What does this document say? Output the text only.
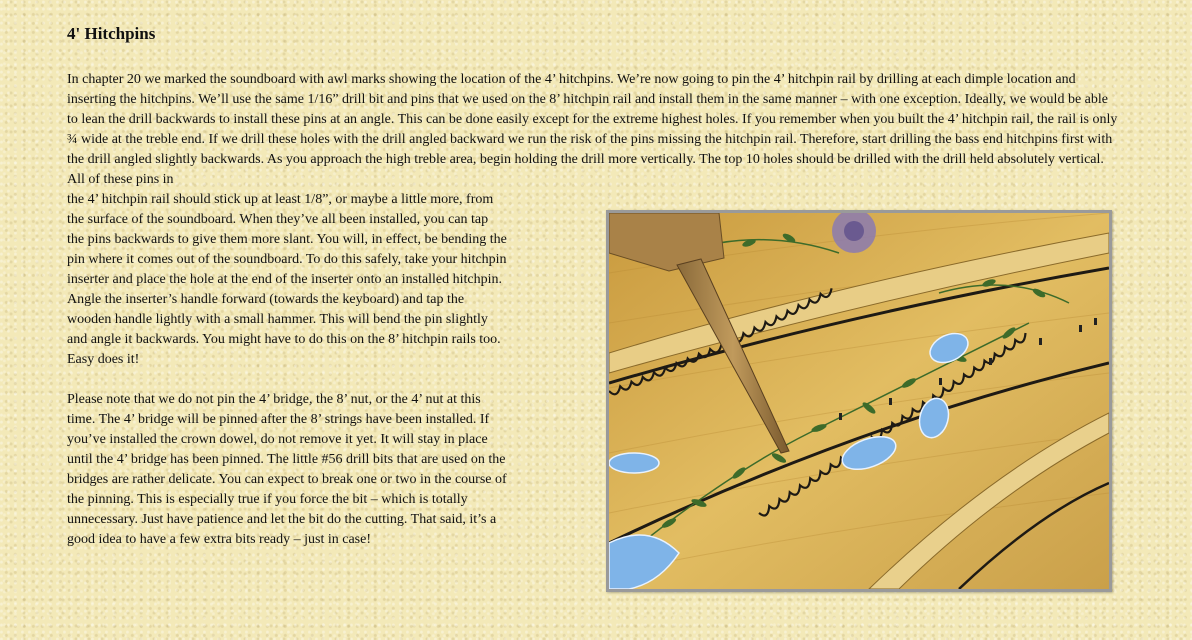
4' Hitchpins

In chapter 20 we marked the soundboard with awl marks showing the location of the 4’ hitchpins. We’re now going to pin the 4’ hitchpin rail by drilling at each dimple location and inserting the hitchpins. We’ll use the same 1/16” drill bit and pins that we used on the 8’ hitchpin rail and install them in the same manner – with one exception. Ideally, we would be able to lean the drill backwards to install these pins at an angle. This can be done easily except for the extreme highest holes. If you remember when you built the 4’ hitchpin rail, the rail is only ¾ wide at the treble end. If we drill these holes with the drill angled backward we run the risk of the pins missing the hitchpin rail. Therefore, start drilling the bass end hitchpins first with the drill angled slightly backwards. As you approach the high treble area, begin holding the drill more vertically. The top 10 holes should be drilled with the drill held absolutely vertical. All of these pins in

the 4’ hitchpin rail should stick up at least 1/8”, or maybe a little more, from the surface of the soundboard. When they’ve all been installed, you can tap the pins backwards to give them more slant. You will, in effect, be bending the pin where it comes out of the soundboard. To do this safely, take your hitchpin inserter and place the hole at the end of the inserter onto an installed hitchpin. Angle the inserter’s handle forward (towards the keyboard) and tap the wooden handle lightly with a small hammer. This will bend the pin slightly and angle it backwards. You might have to do this on the 8’ hitchpin rails too. Easy does it!

Please note that we do not pin the 4’ bridge, the 8’ nut, or the 4’ nut at this time. The 4’ bridge will be pinned after the 8’ strings have been installed. If you’ve installed the crown dowel, do not remove it yet. It will stay in place until the 4’ bridge has been pinned. The little #56 drill bits that are used on the bridges are rather delicate. You can expect to break one or two in the course of the pinning. This is especially true if you force the bit – which is totally unnecessary. Just have patience and let the bit do the cutting. That said, it’s a good idea to have a few extra bits ready – just in case!
